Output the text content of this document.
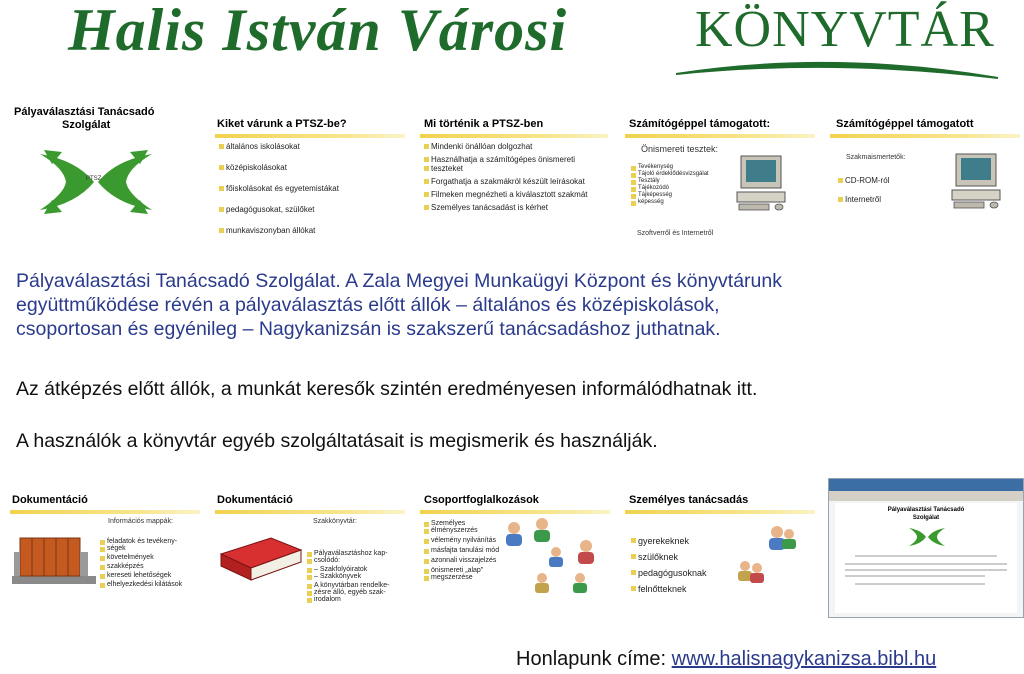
Halis István Városi KÖNYVTÁR
Pályaválasztási Tanácsadó
Szolgálat
PTSZ
Kiket várunk a PTSZ-be?
általános iskolásokat
középiskolásokat
főiskolásokat és egyetemistákat
pedagógusokat, szülőket
munkaviszonyban állókat
Mi történik a PTSZ-ben
Mindenki önállóan dolgozhat
Használhatja a számítógépes önismereti
teszteket
Forgathatja a szakmákról készült leírásokat
Filmeken megnézheti a kiválasztott szakmát
Személyes tanácsadást is kérhet
Számítógéppel támogatott:
Önismereti tesztek:
Tevékenység
Tájoló érdeklődésvizsgálat
Tesztály
Tájékozódó
Tájképesség
képesség
Szoftverről és Internetről
Számítógéppel támogatott
Szakmaismertetők:
CD-ROM-ról
Internetről
Pályaválasztási Tanácsadó Szolgálat. A Zala Megyei Munkaügyi Központ és könyvtárunk
együttműködése révén a pályaválasztás előtt állók – általános és középiskolások,
csoportosan és egyénileg – Nagykanizsán is szakszerű tanácsadáshoz juthatnak.
Az átképzés előtt állók, a munkát keresők szintén eredményesen informálódhatnak itt.
A használók a könyvtár egyéb szolgáltatásait is megismerik és használják.
Dokumentáció
Információs mappák:
feladatok és tevékeny-
ségek
követelmények
szakképzés
kereseti lehetőségek
elhelyezkedési kilátások
Dokumentáció
Szakkönyvtár:
Pályaválasztáshoz kap-
csolódó:
– Szakfolyóiratok
– Szakkönyvek
A könyvtárban rendelke-
zésre álló, egyéb szak-
irodalom
Csoportfoglalkozások
Személyes
élményszerzés
vélemény nyilvánítás
másfajta tanulási mód
azonnali visszajelzés
önismereti „alap"
megszerzése
Személyes tanácsadás
gyerekeknek
szülőknek
pedagógusoknak
felnőtteknek
Pályaválasztási Tanácsadó
Szolgálat
Honlapunk címe: www.halisnagykanizsa.bibl.hu
